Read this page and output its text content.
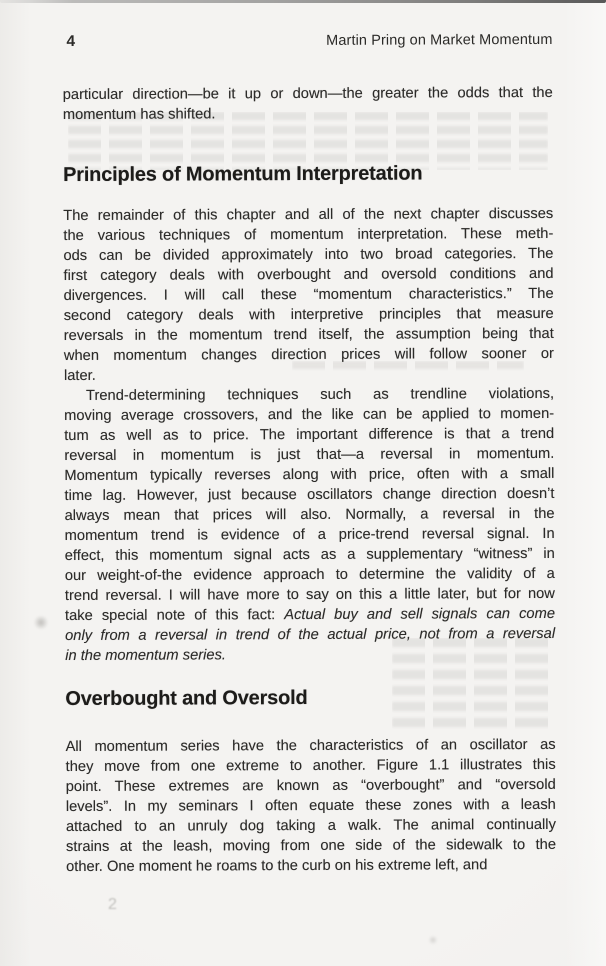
2
4	Martin Pring on Market Momentum
particular direction—be it up or down—the greater the odds that the
momentum has shifted.
Principles of Momentum Interpretation
The remainder of this chapter and all of the next chapter discusses
the various techniques of momentum interpretation. These meth-
ods can be divided approximately into two broad categories. The
first category deals with overbought and oversold conditions and
divergences. I will call these “momentum characteristics.” The
second category deals with interpretive principles that measure
reversals in the momentum trend itself, the assumption being that
when momentum changes direction prices will follow sooner or
later.
Trend-determining techniques such as trendline violations,
moving average crossovers, and the like can be applied to momen-
tum as well as to price. The important difference is that a trend
reversal in momentum is just that—a reversal in momentum.
Momentum typically reverses along with price, often with a small
time lag. However, just because oscillators change direction doesn’t
always mean that prices will also. Normally, a reversal in the
momentum trend is evidence of a price-trend reversal signal. In
effect, this momentum signal acts as a supplementary “witness” in
our weight-of-the evidence approach to determine the validity of a
trend reversal. I will have more to say on this a little later, but for now
take special note of this fact: Actual buy and sell signals can come
only from a reversal in trend of the actual price, not from a reversal
in the momentum series.
Overbought and Oversold
All momentum series have the characteristics of an oscillator as
they move from one extreme to another. Figure 1.1 illustrates this
point. These extremes are known as “overbought” and “oversold
levels”. In my seminars I often equate these zones with a leash
attached to an unruly dog taking a walk. The animal continually
strains at the leash, moving from one side of the sidewalk to the
other. One moment he roams to the curb on his extreme left, and
